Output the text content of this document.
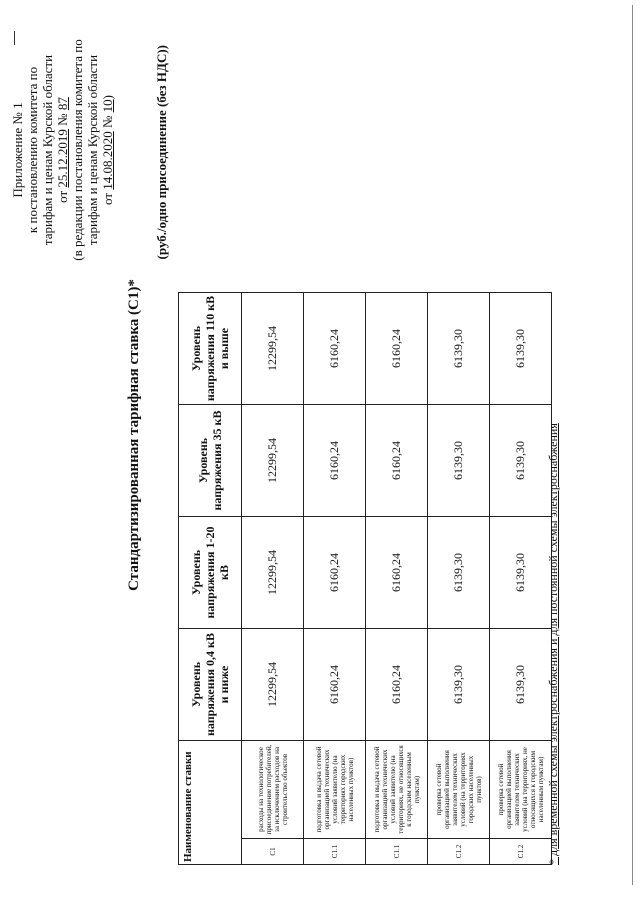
Приложение № 1 к постановлению комитета по тарифам и ценам Курской области от 25.12.2019 № 87 (в редакции постановления комитета по тарифам и ценам Курской области от 14.08.2020 № 10)
Стандартизированная тарифная ставка (С1)*
(руб./одно присоединение (без НДС))
Наименование ставки		Уровень напряжения 0,4 кВ и ниже	Уровень напряжения 1-20 кВ	Уровень напряжения 35 кВ	Уровень напряжения 110 кВ и выше
C1	расходы на технологическое присоединение потребителей, за исключением расходов на строительство объектов	12299,54	12299,54	12299,54	12299,54
C1.1	подготовка и выдача сетевой организацией технических условий заявителю (на территориях городских населенных пунктов)	6160,24	6160,24	6160,24	6160,24
C1.1	подготовка и выдача сетевой организацией технических условий заявителю (на территориях, не относящихся к городским населенным пунктам)	6160,24	6160,24	6160,24	6160,24
C1.2	проверка сетевой организацией выполнения заявителем технических условий (на территориях городских населенных пунктов)	6139,30	6139,30	6139,30	6139,30
C1.2	проверка сетевой организацией выполнения заявителем технических условий (на территориях, не относящихся к городским населенным пунктам)	6139,30	6139,30	6139,30	6139,30
* для временной схемы электроснабжения и для постоянной схемы электроснабжения
